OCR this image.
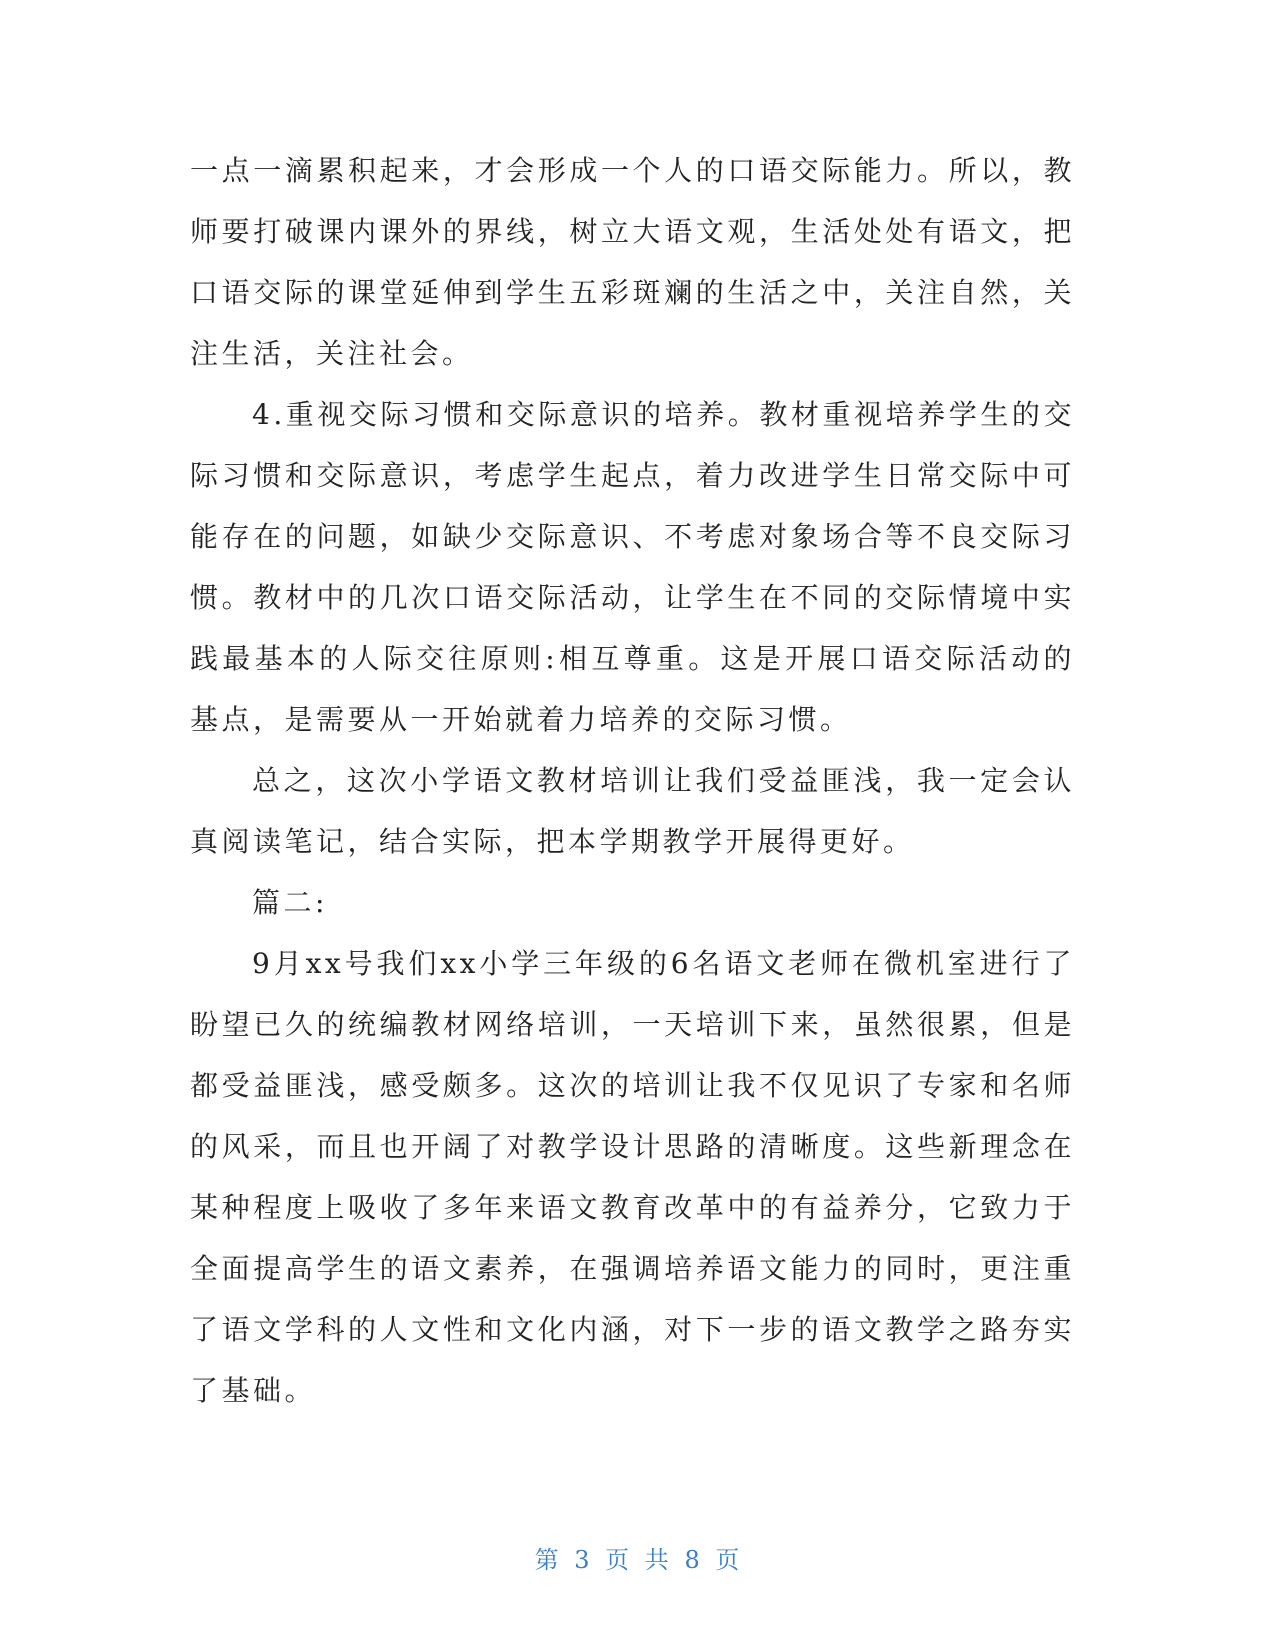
一点一滴累积起来，才会形成一个人的口语交际能力。所以，教师要打破课内课外的界线，树立大语文观，生活处处有语文，把口语交际的课堂延伸到学生五彩斑斓的生活之中，关注自然，关注生活，关注社会。

4.重视交际习惯和交际意识的培养。教材重视培养学生的交际习惯和交际意识，考虑学生起点，着力改进学生日常交际中可能存在的问题，如缺少交际意识、不考虑对象场合等不良交际习惯。教材中的几次口语交际活动，让学生在不同的交际情境中实践最基本的人际交往原则:相互尊重。这是开展口语交际活动的基点，是需要从一开始就着力培养的交际习惯。

总之，这次小学语文教材培训让我们受益匪浅，我一定会认真阅读笔记，结合实际，把本学期教学开展得更好。

篇二:

9月xx号我们xx小学三年级的6名语文老师在微机室进行了盼望已久的统编教材网络培训，一天培训下来，虽然很累，但是都受益匪浅，感受颇多。这次的培训让我不仅见识了专家和名师的风采，而且也开阔了对教学设计思路的清晰度。这些新理念在某种程度上吸收了多年来语文教育改革中的有益养分，它致力于全面提高学生的语文素养，在强调培养语文能力的同时，更注重了语文学科的人文性和文化内涵，对下一步的语文教学之路夯实了基础。

第 3 页 共 8 页
